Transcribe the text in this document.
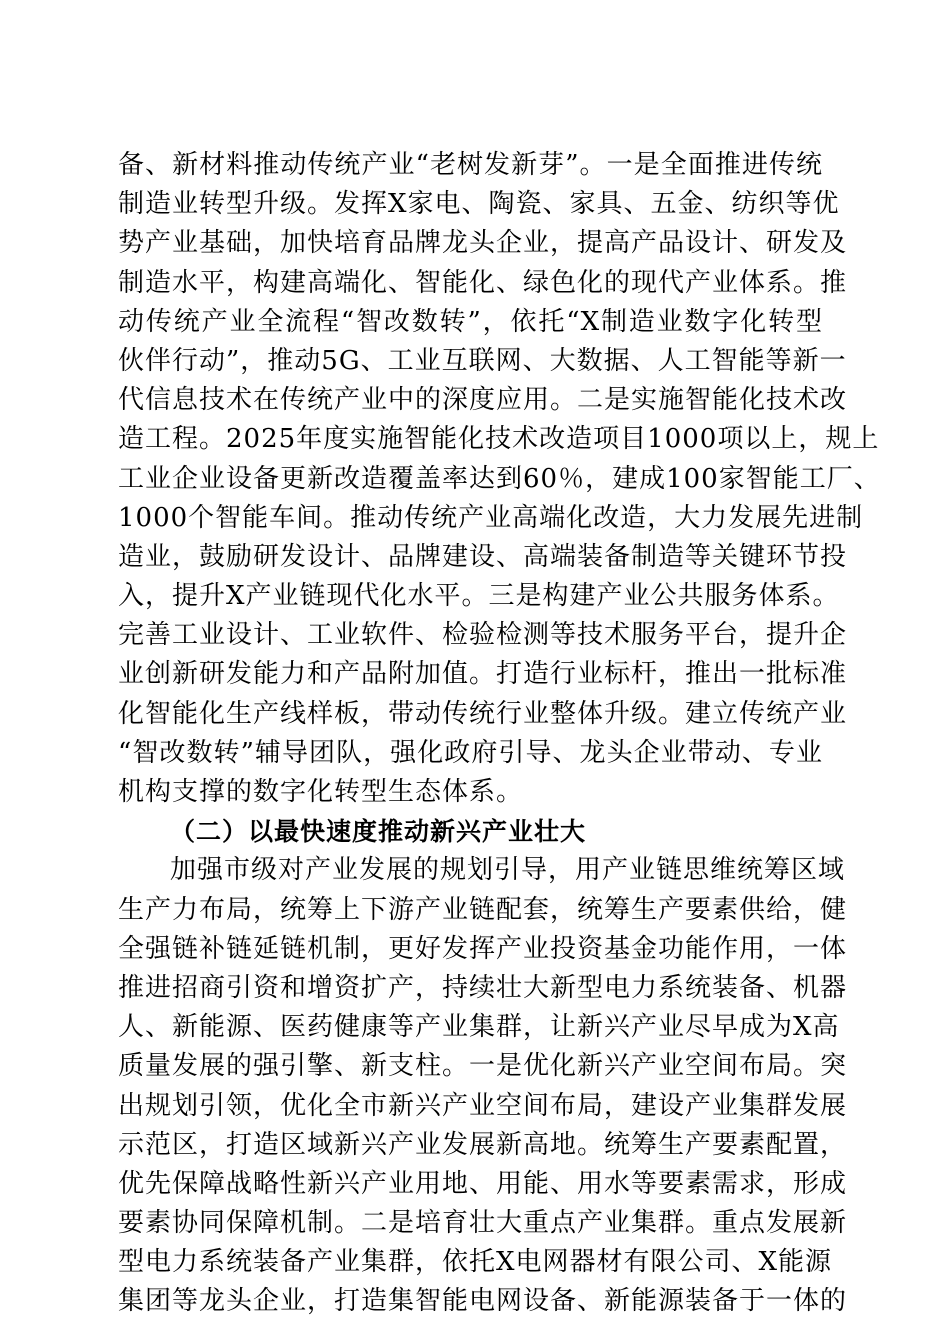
备、新材料推动传统产业“老树发新芽”。一是全面推进传统
制造业转型升级。发挥X家电、陶瓷、家具、五金、纺织等优
势产业基础，加快培育品牌龙头企业，提高产品设计、研发及
制造水平，构建高端化、智能化、绿色化的现代产业体系。推
动传统产业全流程“智改数转”，依托“X制造业数字化转型
伙伴行动”，推动5G、工业互联网、大数据、人工智能等新一
代信息技术在传统产业中的深度应用。二是实施智能化技术改
造工程。2025年度实施智能化技术改造项目1000项以上，规上
工业企业设备更新改造覆盖率达到60％，建成100家智能工厂、
1000个智能车间。推动传统产业高端化改造，大力发展先进制
造业，鼓励研发设计、品牌建设、高端装备制造等关键环节投
入，提升X产业链现代化水平。三是构建产业公共服务体系。
完善工业设计、工业软件、检验检测等技术服务平台，提升企
业创新研发能力和产品附加值。打造行业标杆，推出一批标准
化智能化生产线样板，带动传统行业整体升级。建立传统产业
“智改数转”辅导团队，强化政府引导、龙头企业带动、专业
机构支撑的数字化转型生态体系。
（二）以最快速度推动新兴产业壮大
加强市级对产业发展的规划引导，用产业链思维统筹区域
生产力布局，统筹上下游产业链配套，统筹生产要素供给，健
全强链补链延链机制，更好发挥产业投资基金功能作用，一体
推进招商引资和增资扩产，持续壮大新型电力系统装备、机器
人、新能源、医药健康等产业集群，让新兴产业尽早成为X高
质量发展的强引擎、新支柱。一是优化新兴产业空间布局。突
出规划引领，优化全市新兴产业空间布局，建设产业集群发展
示范区，打造区域新兴产业发展新高地。统筹生产要素配置，
优先保障战略性新兴产业用地、用能、用水等要素需求，形成
要素协同保障机制。二是培育壮大重点产业集群。重点发展新
型电力系统装备产业集群，依托X电网器材有限公司、X能源
集团等龙头企业，打造集智能电网设备、新能源装备于一体的
